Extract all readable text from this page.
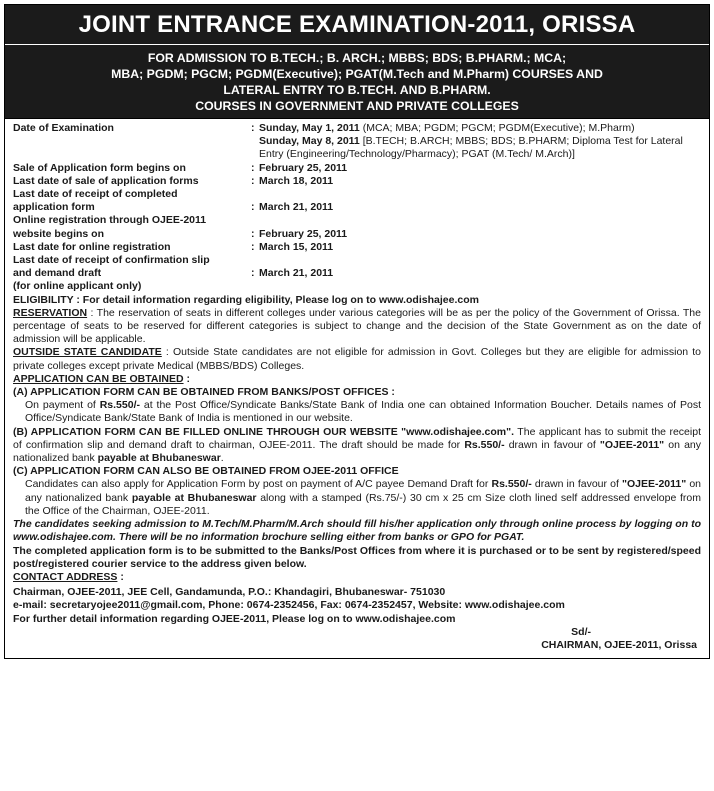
JOINT ENTRANCE EXAMINATION-2011, ORISSA
FOR ADMISSION TO B.TECH.; B. ARCH.; MBBS; BDS; B.PHARM.; MCA;
MBA; PGDM; PGCM; PGDM(Executive); PGAT(M.Tech and M.Pharm) COURSES AND
LATERAL ENTRY TO B.TECH. AND B.PHARM.
COURSES IN GOVERNMENT AND PRIVATE COLLEGES
Date of Examination	: Sunday, May 1, 2011 (MCA; MBA; PGDM; PGCM; PGDM(Executive); M.Pharm)
Sunday, May 8, 2011 [B.TECH; B.ARCH; MBBS; BDS; B.PHARM; Diploma Test for Lateral Entry (Engineering/Technology/Pharmacy); PGAT (M.Tech/ M.Arch)]
Sale of Application form begins on	: February 25, 2011
Last date of sale of application forms	: March 18, 2011
Last date of receipt of completed
application form	: March 21, 2011
Online registration through OJEE-2011
website begins on	: February 25, 2011
Last date for online registration	: March 15, 2011
Last date of receipt of confirmation slip
and demand draft	: March 21, 2011
(for online applicant only)
ELIGIBILITY : For detail information regarding eligibility, Please log on to www.odishajee.com
RESERVATION : The reservation of seats in different colleges under various categories will be as per the policy of the Government of Orissa. The percentage of seats to be reserved for different categories is subject to change and the decision of the State Government as on the date of admission will be applicable.
OUTSIDE STATE CANDIDATE : Outside State candidates are not eligible for admission in Govt. Colleges but they are eligible for admission to private colleges except private Medical (MBBS/BDS) Colleges.
APPLICATION CAN BE OBTAINED :
(A) APPLICATION FORM CAN BE OBTAINED FROM BANKS/POST OFFICES :
On payment of Rs.550/- at the Post Office/Syndicate Banks/State Bank of India one can obtained Information Boucher. Details names of Post Office/Syndicate Bank/State Bank of India is mentioned in our website.
(B) APPLICATION FORM CAN BE FILLED ONLINE THROUGH OUR WEBSITE "www.odishajee.com". The applicant has to submit the receipt of confirmation slip and demand draft to chairman, OJEE-2011. The draft should be made for Rs.550/- drawn in favour of "OJEE-2011" on any nationalized bank payable at Bhubaneswar.
(C) APPLICATION FORM CAN ALSO BE OBTAINED FROM OJEE-2011 OFFICE
Candidates can also apply for Application Form by post on payment of A/C payee Demand Draft for Rs.550/- drawn in favour of "OJEE-2011" on any nationalized bank payable at Bhubaneswar along with a stamped (Rs.75/-) 30 cm x 25 cm Size cloth lined self addressed envelope from the Office of the Chairman, OJEE-2011.
The candidates seeking admission to M.Tech/M.Pharm/M.Arch should fill his/her application only through online process by logging on to www.odishajee.com. There will be no information brochure selling either from banks or GPO for PGAT.
The completed application form is to be submitted to the Banks/Post Offices from where it is purchased or to be sent by registered/speed post/registered courier service to the address given below.
CONTACT ADDRESS :
Chairman, OJEE-2011, JEE Cell, Gandamunda, P.O.: Khandagiri, Bhubaneswar- 751030
e-mail: secretaryojee2011@gmail.com, Phone: 0674-2352456, Fax: 0674-2352457, Website: www.odishajee.com
For further detail information regarding OJEE-2011, Please log on to www.odishajee.com
Sd/-
CHAIRMAN, OJEE-2011, Orissa
